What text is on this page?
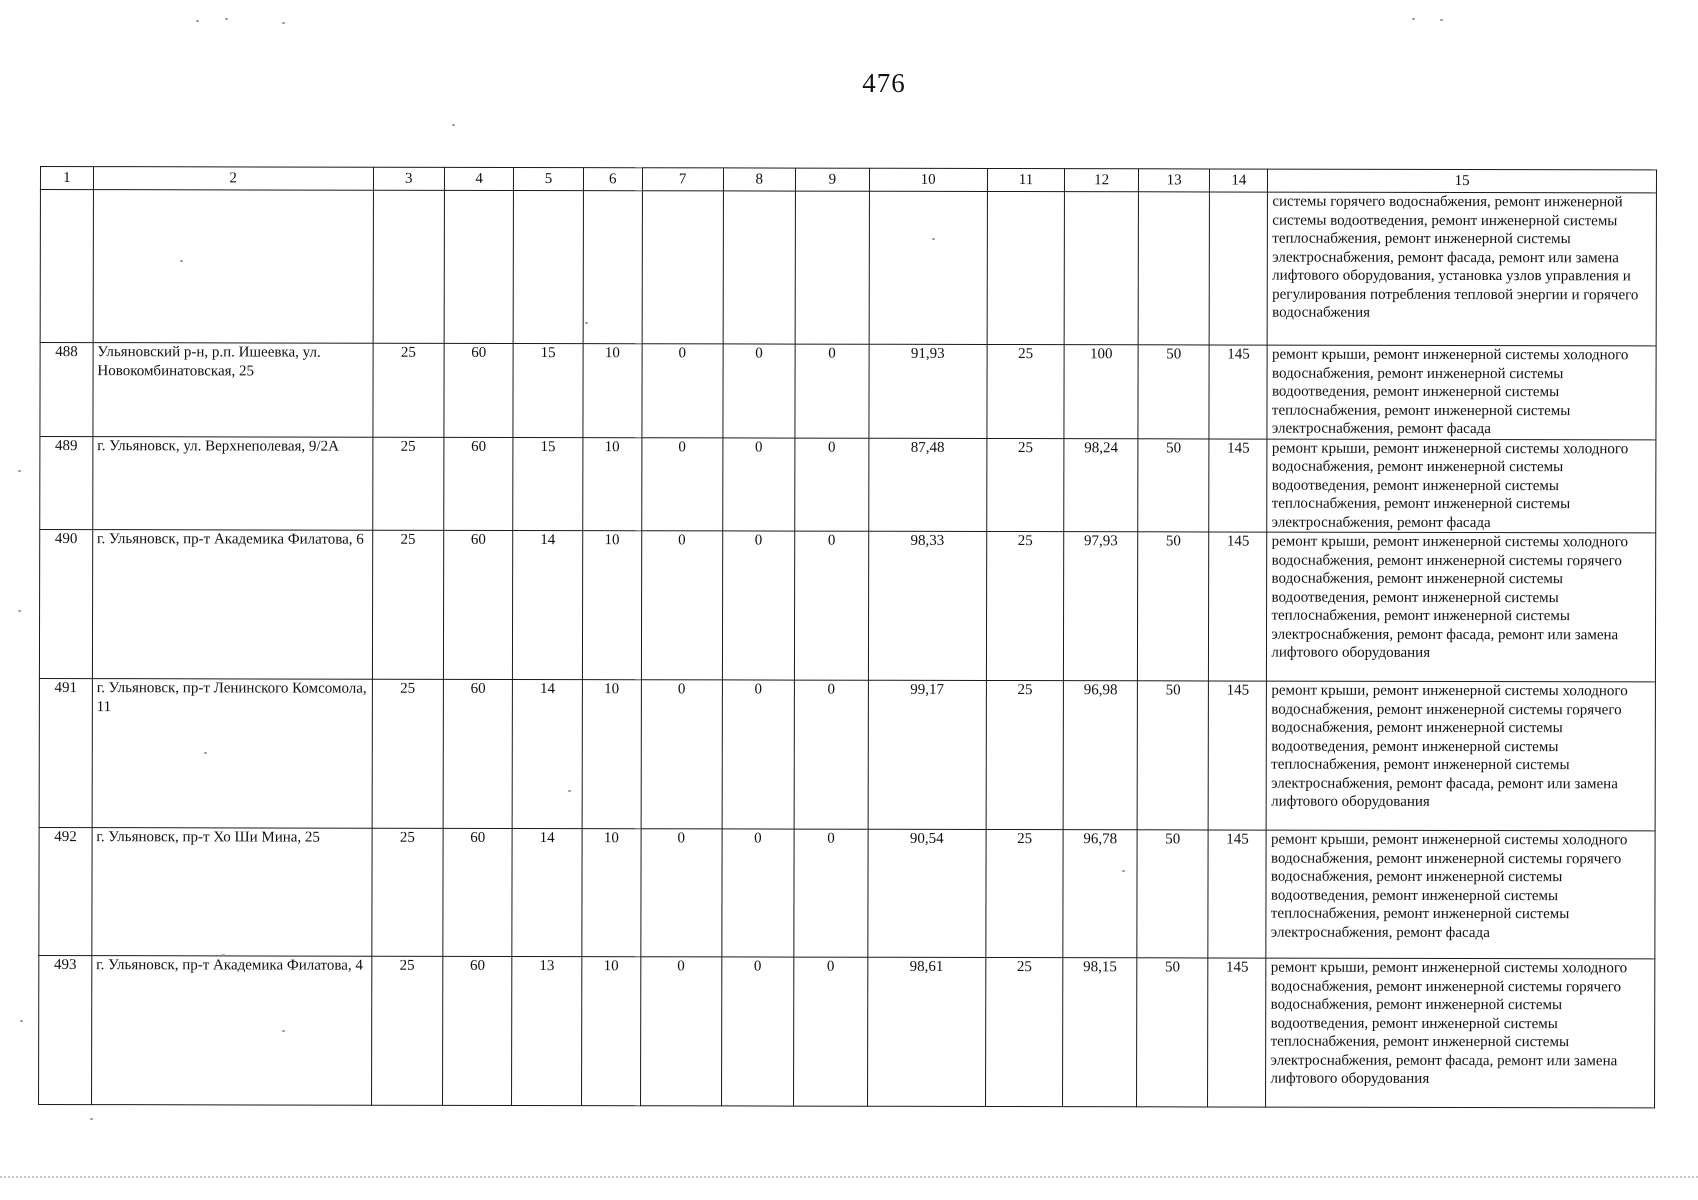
476
1	2	3	4	5	6	7	8	9	10	11	12	13	14	15
														системы горячего водоснабжения, ремонт инженерной системы водоотведения, ремонт инженерной системы теплоснабжения, ремонт инженерной системы электроснабжения, ремонт фасада, ремонт или замена лифтового оборудования, установка узлов управления и регулирования потребления тепловой энергии и горячего водоснабжения
488	Ульяновский р-н, р.п. Ишеевка, ул. Новокомбинатовская, 25	25	60	15	10	0	0	0	91,93	25	100	50	145	ремонт крыши, ремонт инженерной системы холодного водоснабжения, ремонт инженерной системы водоотведения, ремонт инженерной системы теплоснабжения, ремонт инженерной системы электроснабжения, ремонт фасада
489	г. Ульяновск, ул. Верхнеполевая, 9/2А	25	60	15	10	0	0	0	87,48	25	98,24	50	145	ремонт крыши, ремонт инженерной системы холодного водоснабжения, ремонт инженерной системы водоотведения, ремонт инженерной системы теплоснабжения, ремонт инженерной системы электроснабжения, ремонт фасада
490	г. Ульяновск, пр-т Академика Филатова, 6	25	60	14	10	0	0	0	98,33	25	97,93	50	145	ремонт крыши, ремонт инженерной системы холодного водоснабжения, ремонт инженерной системы горячего водоснабжения, ремонт инженерной системы водоотведения, ремонт инженерной системы теплоснабжения, ремонт инженерной системы электроснабжения, ремонт фасада, ремонт или замена лифтового оборудования
491	г. Ульяновск, пр-т Ленинского Комсомола, 11	25	60	14	10	0	0	0	99,17	25	96,98	50	145	ремонт крыши, ремонт инженерной системы холодного водоснабжения, ремонт инженерной системы горячего водоснабжения, ремонт инженерной системы водоотведения, ремонт инженерной системы теплоснабжения, ремонт инженерной системы электроснабжения, ремонт фасада, ремонт или замена лифтового оборудования
492	г. Ульяновск, пр-т Хо Ши Мина, 25	25	60	14	10	0	0	0	90,54	25	96,78	50	145	ремонт крыши, ремонт инженерной системы холодного водоснабжения, ремонт инженерной системы горячего водоснабжения, ремонт инженерной системы водоотведения, ремонт инженерной системы теплоснабжения, ремонт инженерной системы электроснабжения, ремонт фасада
493	г. Ульяновск, пр-т Академика Филатова, 4	25	60	13	10	0	0	0	98,61	25	98,15	50	145	ремонт крыши, ремонт инженерной системы холодного водоснабжения, ремонт инженерной системы горячего водоснабжения, ремонт инженерной системы водоотведения, ремонт инженерной системы теплоснабжения, ремонт инженерной системы электроснабжения, ремонт фасада, ремонт или замена лифтового оборудования
